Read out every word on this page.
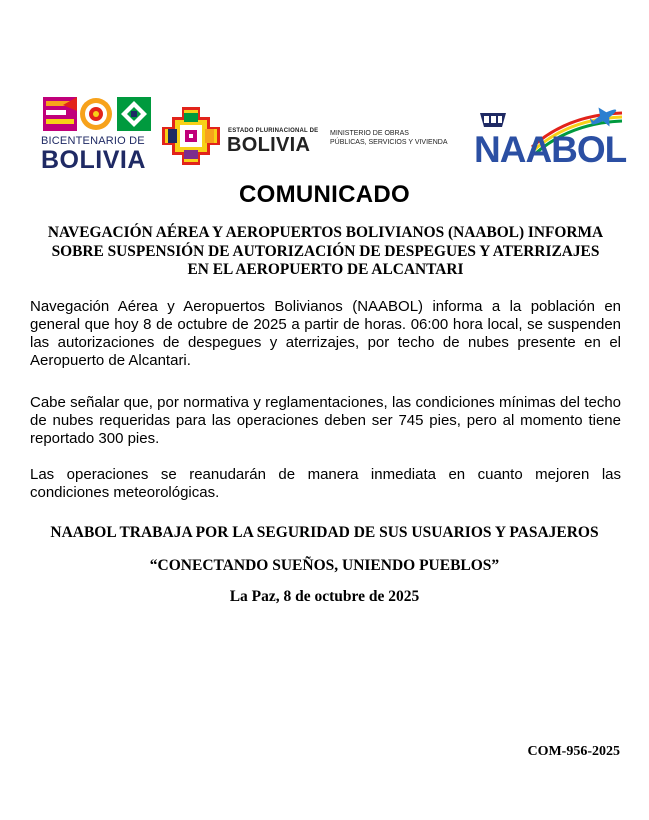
BICENTENARIO DE
BOLIVIA
ESTADO PLURINACIONAL DE
BOLIVIA
MINISTERIO DE OBRAS
PÚBLICAS, SERVICIOS Y VIVIENDA NAABOL
COMUNICADO
NAVEGACIÓN AÉREA Y AEROPUERTOS BOLIVIANOS (NAABOL) INFORMA
SOBRE SUSPENSIÓN DE AUTORIZACIÓN DE DESPEGUES Y ATERRIZAJES
EN EL AEROPUERTO DE ALCANTARI

Navegación Aérea y Aeropuertos Bolivianos (NAABOL) informa a la población en general que hoy 8 de octubre de 2025 a partir de horas. 06:00 hora local, se suspenden las autorizaciones de despegues y aterrizajes, por techo de nubes presente en el Aeropuerto de Alcantari.

Cabe señalar que, por normativa y reglamentaciones, las condiciones mínimas del techo de nubes requeridas para las operaciones deben ser 745 pies, pero al momento tiene reportado 300 pies.

Las operaciones se reanudarán de manera inmediata en cuanto mejoren las condiciones meteorológicas.

NAABOL TRABAJA POR LA SEGURIDAD DE SUS USUARIOS Y PASAJEROS
“CONECTANDO SUEÑOS, UNIENDO PUEBLOS”
La Paz, 8 de octubre de 2025
COM-956-2025
